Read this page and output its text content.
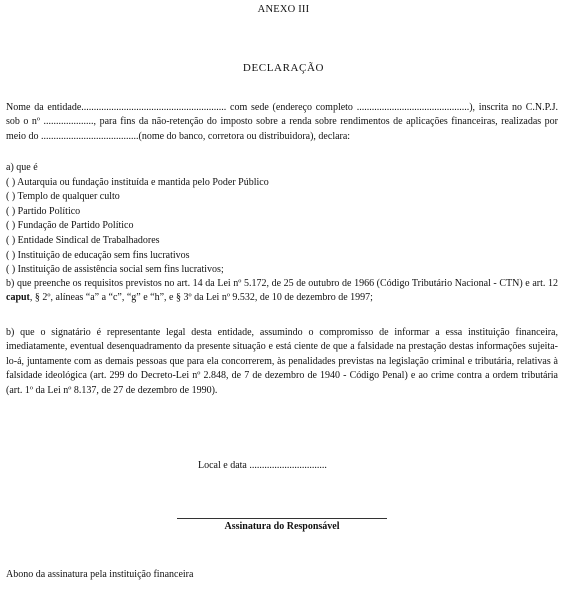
ANEXO III
DECLARAÇÃO
Nome da entidade.......................................................... com sede (endereço completo .............................................), inscrita no C.N.P.J. sob o nº ...................., para fins da não-retenção do imposto sobre a renda sobre rendimentos de aplicações financeiras, realizadas por meio do .......................................(nome do banco, corretora ou distribuidora), declara:
a) que é
( ) Autarquia ou fundação instituída e mantida pelo Poder Público
( ) Templo de qualquer culto
( ) Partido Político
( ) Fundação de Partido Político
( ) Entidade Sindical de Trabalhadores
( ) Instituição de educação sem fins lucrativos
( ) Instituição de assistência social sem fins lucrativos;
b) que preenche os requisitos previstos no art. 14 da Lei nº 5.172, de 25 de outubro de 1966 (Código Tributário Nacional - CTN) e art. 12 caput, § 2º, alíneas “a” a “c”, “g” e “h”, e § 3º da Lei nº 9.532, de 10 de dezembro de 1997;
b) que o signatário é representante legal desta entidade, assumindo o compromisso de informar a essa instituição financeira, imediatamente, eventual desenquadramento da presente situação e está ciente de que a falsidade na prestação destas informações sujeita-lo-á, juntamente com as demais pessoas que para ela concorrerem, às penalidades previstas na legislação criminal e tributária, relativas à falsidade ideológica (art. 299 do Decreto-Lei nº 2.848, de 7 de dezembro de 1940 - Código Penal) e ao crime contra a ordem tributária (art. 1º da Lei nº 8.137, de 27 de dezembro de 1990).
Local e data ...............................
Assinatura do Responsável
Abono da assinatura pela instituição financeira
